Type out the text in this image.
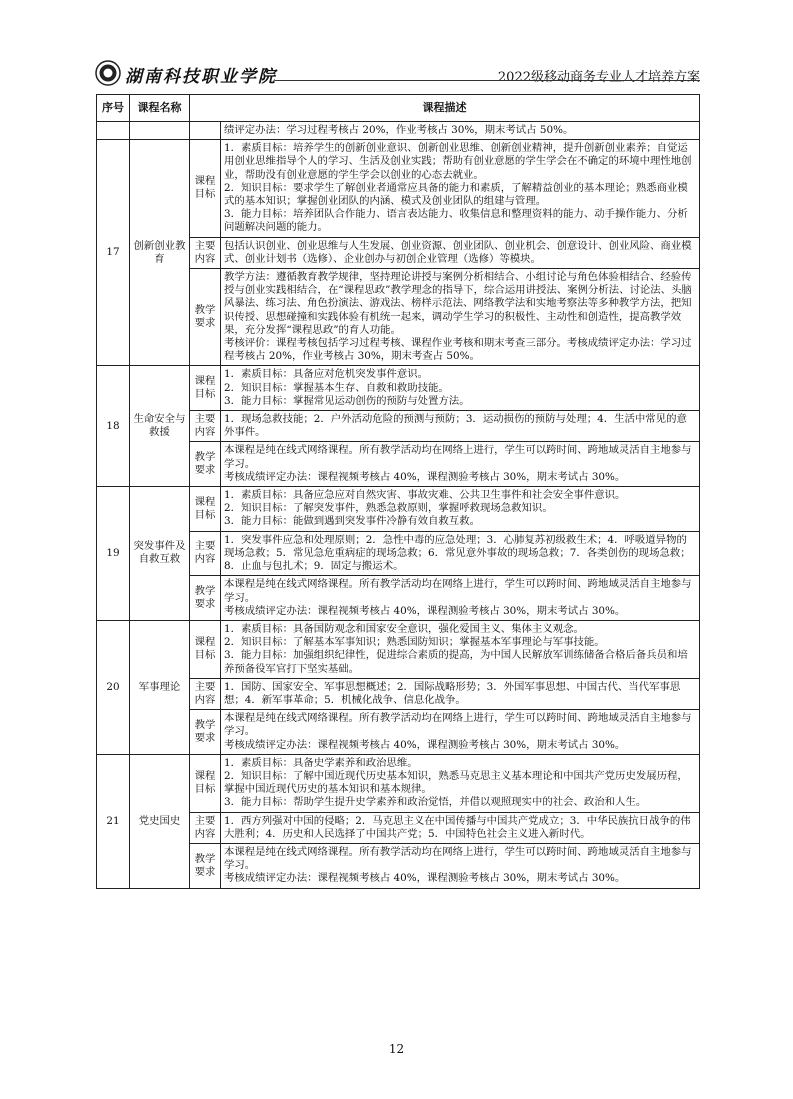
湖南科技职业学院	2022级移动商务专业人才培养方案
序号	课程名称	课程描述	
			绩评定办法：学习过程考核占 20%，作业考核占 30%，期末考试占 50%。
17	创新创业教育	课程目标	1．素质目标：培养学生的创新创业意识、创新创业思维、创新创业精神，提升创新创业素养；自觉运用创业思维指导个人的学习、生活及创业实践；帮助有创业意愿的学生学会在不确定的环境中理性地创业，帮助没有创业意愿的学生学会以创业的心态去就业。
2．知识目标：要求学生了解创业者通常应具备的能力和素质，了解精益创业的基本理论；熟悉商业模式的基本知识；掌握创业团队的内涵、模式及创业团队的组建与管理。
3．能力目标：培养团队合作能力、语言表达能力、收集信息和整理资料的能力、动手操作能力、分析问题解决问题的能力。

		主要内容	包括认识创业、创业思维与人生发展、创业资源、创业团队、创业机会、创意设计、创业风险、商业模式、创业计划书（选修）、企业创办与初创企业管理（选修）等模块。

		教学要求	教学方法：遵循教育教学规律，坚持理论讲授与案例分析相结合、小组讨论与角色体验相结合、经验传授与创业实践相结合，在“课程思政”教学理念的指导下，综合运用讲授法、案例分析法、讨论法、头脑风暴法、练习法、角色扮演法、游戏法、榜样示范法、网络教学法和实地考察法等多种教学方法，把知识传授、思想碰撞和实践体验有机统一起来，调动学生学习的积极性、主动性和创造性，提高教学效果，充分发挥“课程思政”的育人功能。
考核评价：课程考核包括学习过程考核、课程作业考核和期末考查三部分。考核成绩评定办法：学习过程考核占 20%，作业考核占 30%，期末考查占 50%。

18	生命安全与救援	课程目标	1．素质目标：具备应对危机突发事件意识。
2．知识目标：掌握基本生存、自救和救助技能。
3．能力目标：掌握常见运动创伤的预防与处置方法。

		主要内容	1．现场急救技能；2．户外活动危险的预测与预防；3．运动损伤的预防与处理；4．生活中常见的意外事件。

		教学要求	本课程是纯在线式网络课程。所有教学活动均在网络上进行，学生可以跨时间、跨地域灵活自主地参与学习。
考核成绩评定办法：课程视频考核占 40%，课程测验考核占 30%，期末考试占 30%。

19	突发事件及自救互救	课程目标	1．素质目标：具备应急应对自然灾害、事故灾难、公共卫生事件和社会安全事件意识。
2．知识目标：了解突发事件，熟悉急救原则，掌握呼救现场急救知识。
3．能力目标：能做到遇到突发事件冷静有效自救互救。

		主要内容	1．突发事件应急和处理原则；2．急性中毒的应急处理；3．心肺复苏初级救生术；4．呼吸道异物的现场急救；5．常见急危重病症的现场急救；6．常见意外事故的现场急救；7．各类创伤的现场急救；8．止血与包扎术；9．固定与搬运术。

		教学要求	本课程是纯在线式网络课程。所有教学活动均在网络上进行，学生可以跨时间、跨地域灵活自主地参与学习。
考核成绩评定办法：课程视频考核占 40%，课程测验考核占 30%，期末考试占 30%。

20	军事理论	课程目标	1．素质目标：具备国防观念和国家安全意识，强化爱国主义、集体主义观念。
2．知识目标：了解基本军事知识；熟悉国防知识；掌握基本军事理论与军事技能。
3．能力目标：加强组织纪律性，促进综合素质的提高，为中国人民解放军训练储备合格后备兵员和培养预备役军官打下坚实基础。

		主要内容	1．国防、国家安全、军事思想概述；2．国际战略形势；3．外国军事思想、中国古代、当代军事思想；4．新军事革命；5．机械化战争、信息化战争。

		教学要求	本课程是纯在线式网络课程。所有教学活动均在网络上进行，学生可以跨时间、跨地域灵活自主地参与学习。
考核成绩评定办法：课程视频考核占 40%，课程测验考核占 30%，期末考试占 30%。

21	党史国史	课程目标	1．素质目标：具备史学素养和政治思维。
2．知识目标：了解中国近现代历史基本知识，熟悉马克思主义基本理论和中国共产党历史发展历程，掌握中国近现代历史的基本知识和基本规律。
3．能力目标：帮助学生提升史学素养和政治觉悟，并借以观照现实中的社会、政治和人生。

		主要内容	1．西方列强对中国的侵略；2．马克思主义在中国传播与中国共产党成立；3．中华民族抗日战争的伟大胜利；4．历史和人民选择了中国共产党；5．中国特色社会主义进入新时代。

		教学要求	本课程是纯在线式网络课程。所有教学活动均在网络上进行，学生可以跨时间、跨地域灵活自主地参与学习。
考核成绩评定办法：课程视频考核占 40%，课程测验考核占 30%，期末考试占 30%。
12
